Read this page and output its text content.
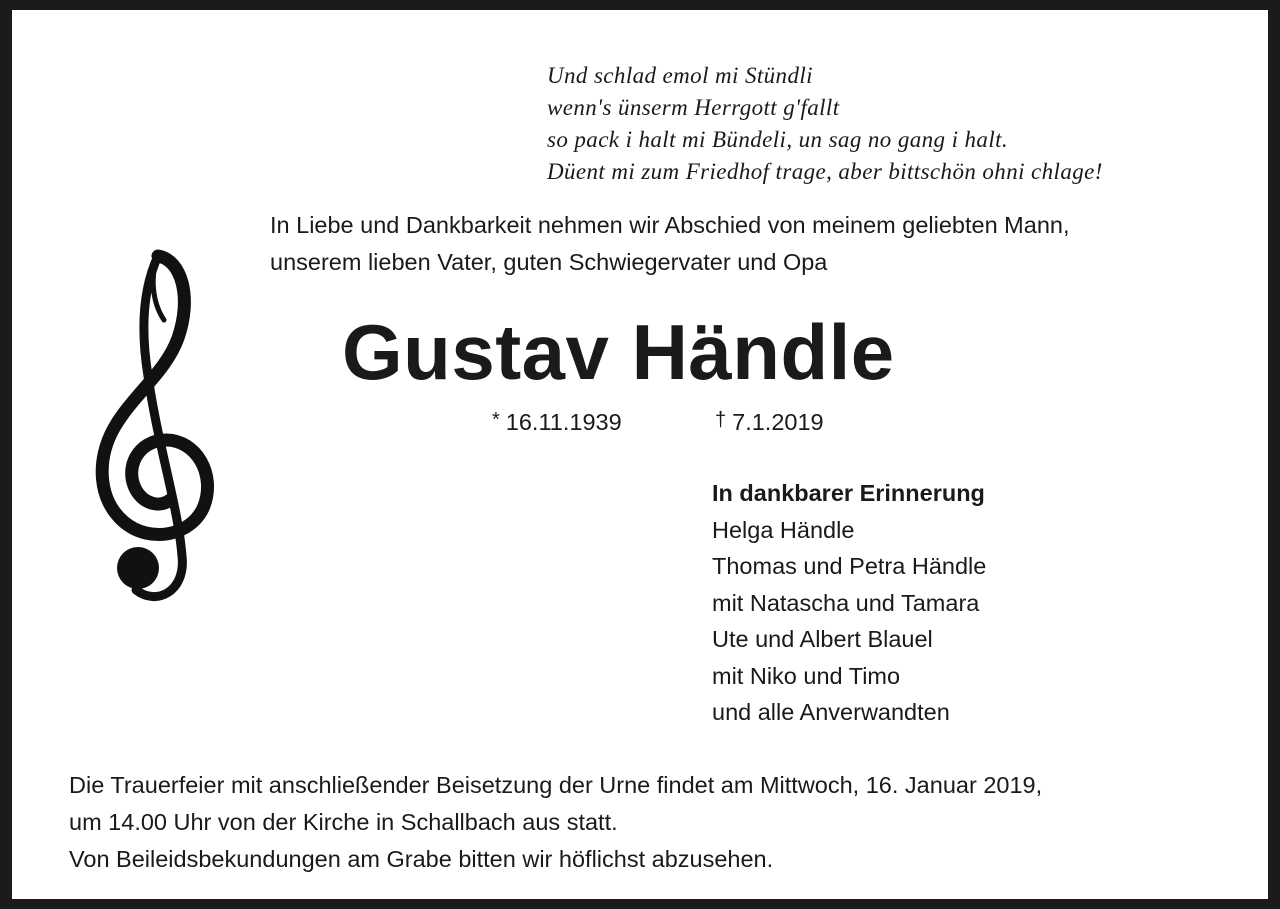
Und schlad emol mi Stündli
wenn's ünserm Herrgott g'fallt
so pack i halt mi Bündeli, un sag no gang i halt.
Düent mi zum Friedhof trage, aber bittschön ohni chlage!
In Liebe und Dankbarkeit nehmen wir Abschied von meinem geliebten Mann,
unserem lieben Vater, guten Schwiegervater und Opa
Gustav Händle
* 16.11.1939	† 7.1.2019
In dankbarer Erinnerung
Helga Händle
Thomas und Petra Händle
mit Natascha und Tamara
Ute und Albert Blauel
mit Niko und Timo
und alle Anverwandten
Die Trauerfeier mit anschließender Beisetzung der Urne findet am Mittwoch, 16. Januar 2019,
um 14.00 Uhr von der Kirche in Schallbach aus statt.
Von Beileidsbekundungen am Grabe bitten wir höflichst abzusehen.
